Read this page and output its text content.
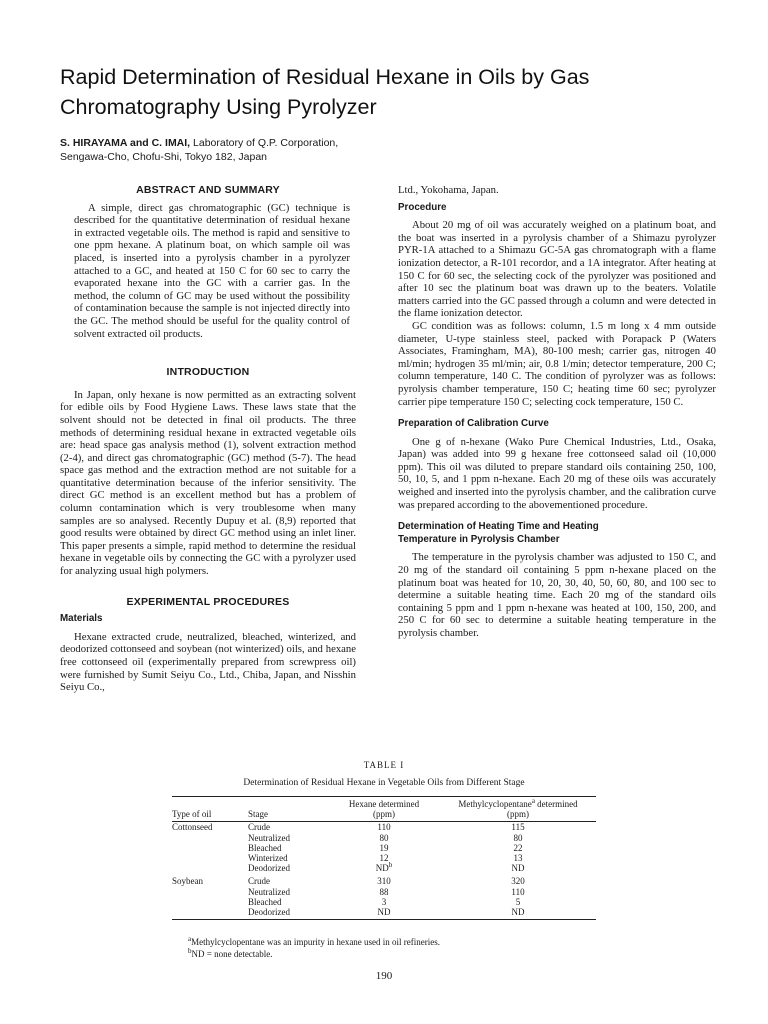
Rapid Determination of Residual Hexane in Oils by Gas Chromatography Using Pyrolyzer
S. HIRAYAMA and C. IMAI, Laboratory of Q.P. Corporation,
Sengawa-Cho, Chofu-Shi, Tokyo 182, Japan
ABSTRACT AND SUMMARY

A simple, direct gas chromatographic (GC) technique is described for the quantitative determination of residual hexane in extracted vegetable oils. The method is rapid and sensitive to one ppm hexane. A platinum boat, on which sample oil was placed, is inserted into a pyrolysis chamber in a pyrolyzer attached to a GC, and heated at 150 C for 60 sec to carry the evaporated hexane into the GC with a carrier gas. In the method, the column of GC may be used without the possibility of contamination because the sample is not injected directly into the GC. The method should be useful for the quality control of solvent extracted oil products.

INTRODUCTION

In Japan, only hexane is now permitted as an extracting solvent for edible oils by Food Hygiene Laws. These laws state that the solvent should not be detected in final oil products. The three methods of determining residual hexane in extracted vegetable oils are: head space gas analysis method (1), solvent extraction method (2-4), and direct gas chromatographic (GC) method (5-7). The head space gas method and the extraction method are not suitable for a quantitative determination because of the inferior sensitivity. The direct GC method is an excellent method but has a problem of column contamination which is very troublesome when many samples are so analysed. Recently Dupuy et al. (8,9) reported that good results were obtained by direct GC method using an inlet liner. This paper presents a simple, rapid method to determine the residual hexane in vegetable oils by connecting the GC with a pyrolyzer used for analyzing usual high polymers.

EXPERIMENTAL PROCEDURES
Materials

Hexane extracted crude, neutralized, bleached, winterized, and deodorized cottonseed and soybean (not winterized) oils, and hexane free cottonseed oil (experimentally prepared from screwpress oil) were furnished by Sumit Seiyu Co., Ltd., Chiba, Japan, and Nisshin Seiyu Co.,

Ltd., Yokohama, Japan.

Procedure

About 20 mg of oil was accurately weighed on a platinum boat, and the boat was inserted in a pyrolysis chamber of a Shimazu pyrolyzer PYR-1A attached to a Shimazu GC-5A gas chromatograph with a flame ionization detector, a R-101 recordor, and a 1A integrator. After heating at 150 C for 60 sec, the selecting cock of the pyrolyzer was positioned and after 10 sec the platinum boat was drawn up to the beaters. Volatile matters carried into the GC passed through a column and were detected in the flame ionization detector.

GC condition was as follows: column, 1.5 m long x 4 mm outside diameter, U-type stainless steel, packed with Porapack P (Waters Associates, Framingham, MA), 80-100 mesh; carrier gas, nitrogen 40 ml/min; hydrogen 35 ml/min; air, 0.8 1/min; detector temperature, 200 C; column temperature, 140 C. The condition of pyrolyzer was as follows: pyrolysis chamber temperature, 150 C; heating time 60 sec; pyrolyzer carrier pipe temperature 150 C; selecting cock temperature, 150 C.

Preparation of Calibration Curve

One g of n-hexane (Wako Pure Chemical Industries, Ltd., Osaka, Japan) was added into 99 g hexane free cottonseed salad oil (10,000 ppm). This oil was diluted to prepare standard oils containing 250, 100, 50, 10, 5, and 1 ppm n-hexane. Each 20 mg of these oils was accurately weighed and inserted into the pyrolysis chamber, and the calibration curve was prepared according to the abovementioned procedure.

Determination of Heating Time and Heating
Temperature in Pyrolysis Chamber

The temperature in the pyrolysis chamber was adjusted to 150 C, and 20 mg of the standard oil containing 5 ppm n-hexane placed on the platinum boat was heated for 10, 20, 30, 40, 50, 60, 80, and 100 sec to determine a suitable heating time. Each 20 mg of the standard oils containing 5 ppm and 1 ppm n-hexane was heated at 100, 150, 200, and 250 C for 60 sec to determine a suitable heating temperature in the pyrolysis chamber.

TABLE I
Determination of Residual Hexane in Vegetable Oils from Different Stage
Type of oil	Stage	Hexane determined
(ppm)	Methylcyclopentane$^a$ determined
(ppm)
Cottonseed	Crude	110	115
	Neutralized	80	80
	Bleached	19	22
	Winterized	12	13
	Deodorized	$ND^b$	ND
Soybean	Crude	310	320
	Neutralized	88	110
	Bleached	3	5
	Deodorized	ND	ND
$^a$Methylcyclopentane was an impurity in hexane used in oil refineries.
$^b$ND = none detectable.
190
